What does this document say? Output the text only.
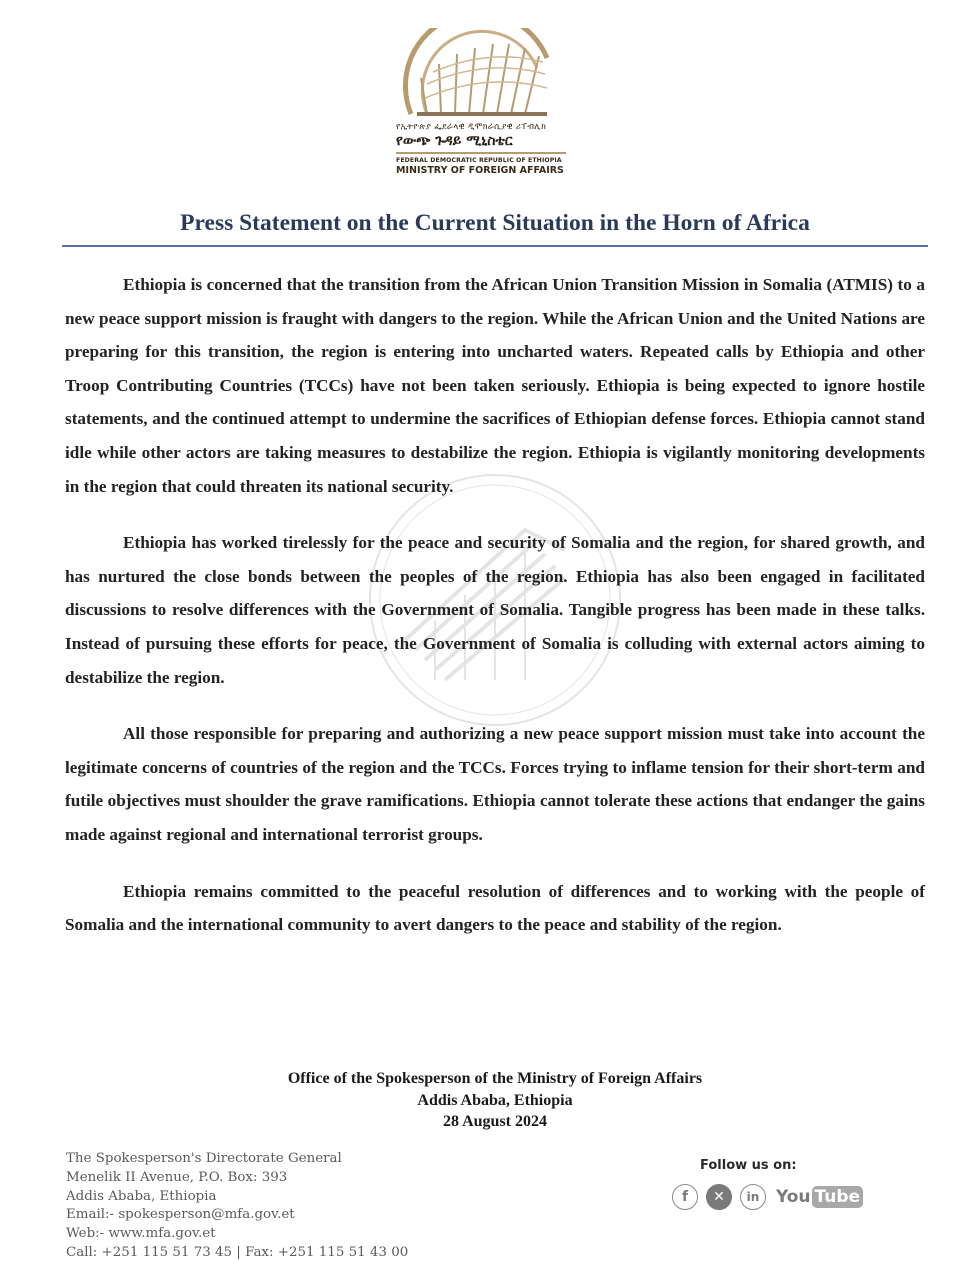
የኢትዮጵያ ፌደራላዊ ዲሞክራሲያዊ ሪፐብሊክ
የውጭ ጉዳይ ሚኒስቴር
FEDERAL DEMOCRATIC REPUBLIC OF ETHIOPIA
MINISTRY OF FOREIGN AFFAIRS
Press Statement on the Current Situation in the Horn of Africa

Ethiopia is concerned that the transition from the African Union Transition Mission in Somalia (ATMIS) to a new peace support mission is fraught with dangers to the region. While the African Union and the United Nations are preparing for this transition, the region is entering into uncharted waters. Repeated calls by Ethiopia and other Troop Contributing Countries (TCCs) have not been taken seriously. Ethiopia is being expected to ignore hostile statements, and the continued attempt to undermine the sacrifices of Ethiopian defense forces. Ethiopia cannot stand idle while other actors are taking measures to destabilize the region. Ethiopia is vigilantly monitoring developments in the region that could threaten its national security.

Ethiopia has worked tirelessly for the peace and security of Somalia and the region, for shared growth, and has nurtured the close bonds between the peoples of the region. Ethiopia has also been engaged in facilitated discussions to resolve differences with the Government of Somalia. Tangible progress has been made in these talks. Instead of pursuing these efforts for peace, the Government of Somalia is colluding with external actors aiming to destabilize the region.

All those responsible for preparing and authorizing a new peace support mission must take into account the legitimate concerns of countries of the region and the TCCs. Forces trying to inflame tension for their short-term and futile objectives must shoulder the grave ramifications. Ethiopia cannot tolerate these actions that endanger the gains made against regional and international terrorist groups.

Ethiopia remains committed to the peaceful resolution of differences and to working with the people of Somalia and the international community to avert dangers to the peace and stability of the region.

Office of the Spokesperson of the Ministry of Foreign Affairs
Addis Ababa, Ethiopia
28 August 2024
The Spokesperson's Directorate General
Menelik II Avenue, P.O. Box: 393
Addis Ababa, Ethiopia
Email:- spokesperson@mfa.gov.et
Web:- www.mfa.gov.et
Call: +251 115 51 73 45 | Fax: +251 115 51 43 00
Follow us on:
f	✕	in You Tube
